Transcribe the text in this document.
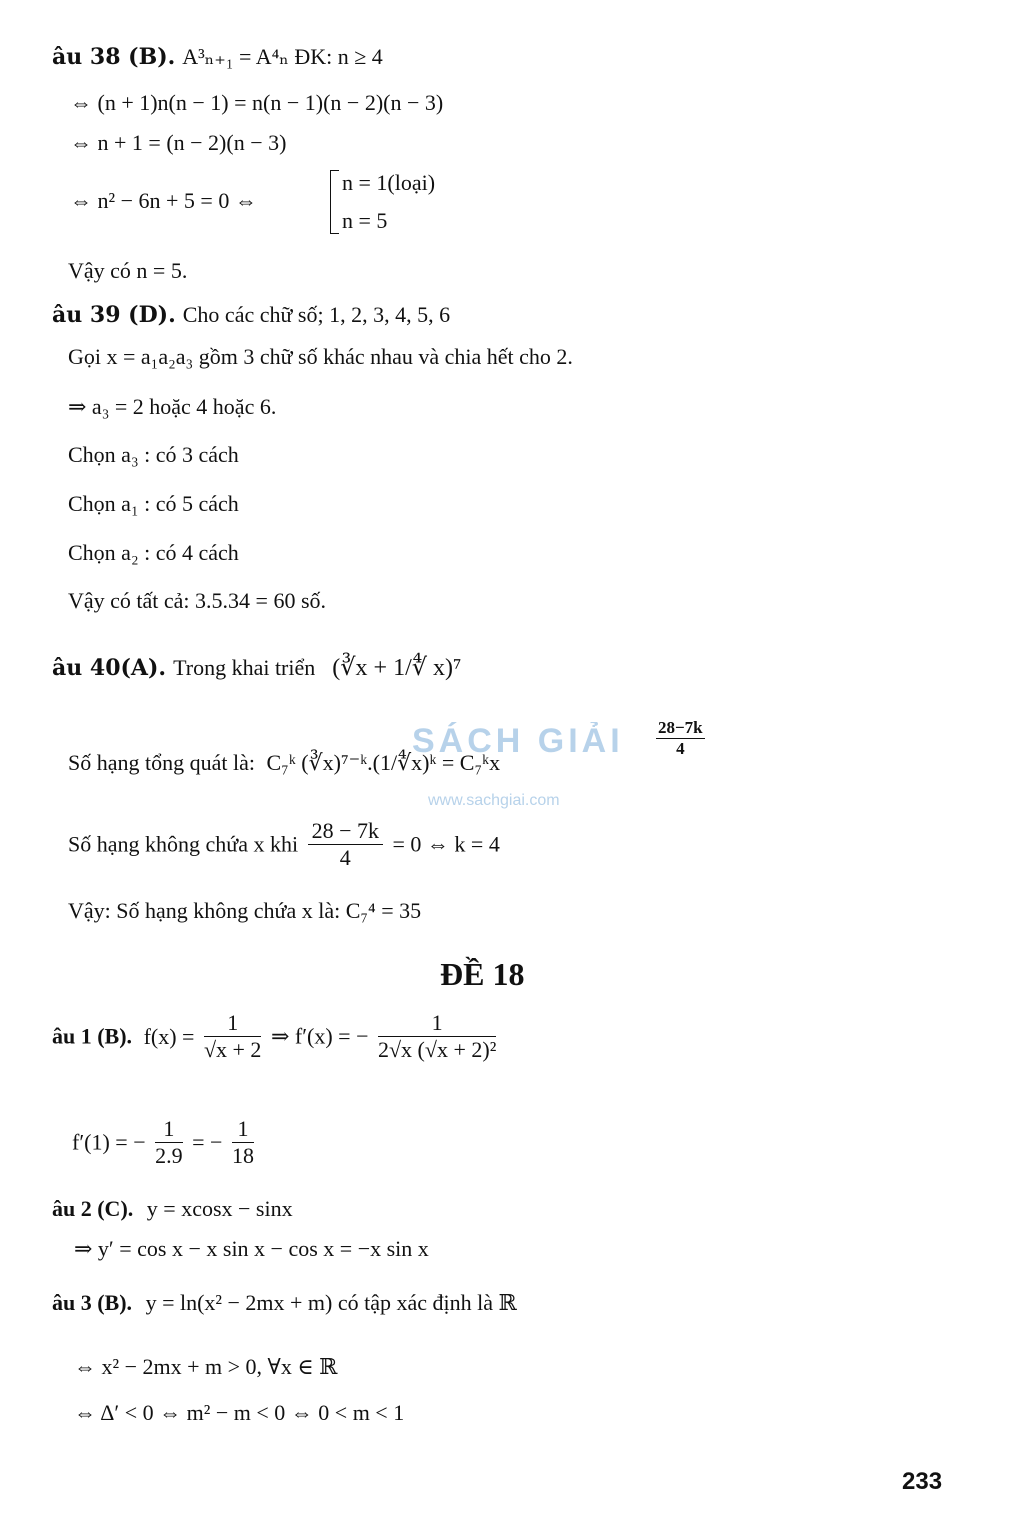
âu 38 (B). A³ₙ₊₁ = A⁴ₙ ĐK: n ≥ 4
⇔ (n + 1)n(n − 1) = n(n − 1)(n − 2)(n − 3)
⇔ n + 1 = (n − 2)(n − 3)
⇔ n² − 6n + 5 = 0 ⇔
n = 1(loại)
n = 5
Vậy có n = 5.
âu 39 (D). Cho các chữ số; 1, 2, 3, 4, 5, 6
Gọi x = a₁a₂a₃ gồm 3 chữ số khác nhau và chia hết cho 2.
⇒ a₃ = 2 hoặc 4 hoặc 6.
Chọn a₃ : có 3 cách
Chọn a₁ : có 5 cách
Chọn a₂ : có 4 cách
Vậy có tất cả: 3.5.34 = 60 số.
âu 40(A). Trong khai triển (∛x + 1/∜ x)⁷
Số hạng tổng quát là: C₇ᵏ (∛x)⁷⁻ᵏ.(1/∜x)ᵏ = C₇ᵏx
$\frac{28-7k}{4}$
Số hạng không chứa x khi $\frac{28 - 7k}{4} = 0$ ⇔ k = 4
Vậy: Số hạng không chứa x là: C₇⁴ = 35
ĐỀ 18
âu 1 (B). $f(x) = \frac{1}{√x + 2}$ ⇒ f′(x) = − $\frac{1}{\text{2√x (√x + 2)²}}$
f′(1) = − $\frac{1}{2.9}$ = − $\frac{1}{18}$
âu 2 (C). y = xcosx − sinx
⇒ y′ = cos x − x sin x − cos x = −x sin x
âu 3 (B). y = ln(x² − 2mx + m) có tập xác định là ℝ
⇔ x² − 2mx + m > 0, ∀x ∈ ℝ
⇔ Δ′ < 0 ⇔ m² − m < 0 ⇔ 0 < m < 1
SÁCH GIẢI
www.sachgiai.com
233
